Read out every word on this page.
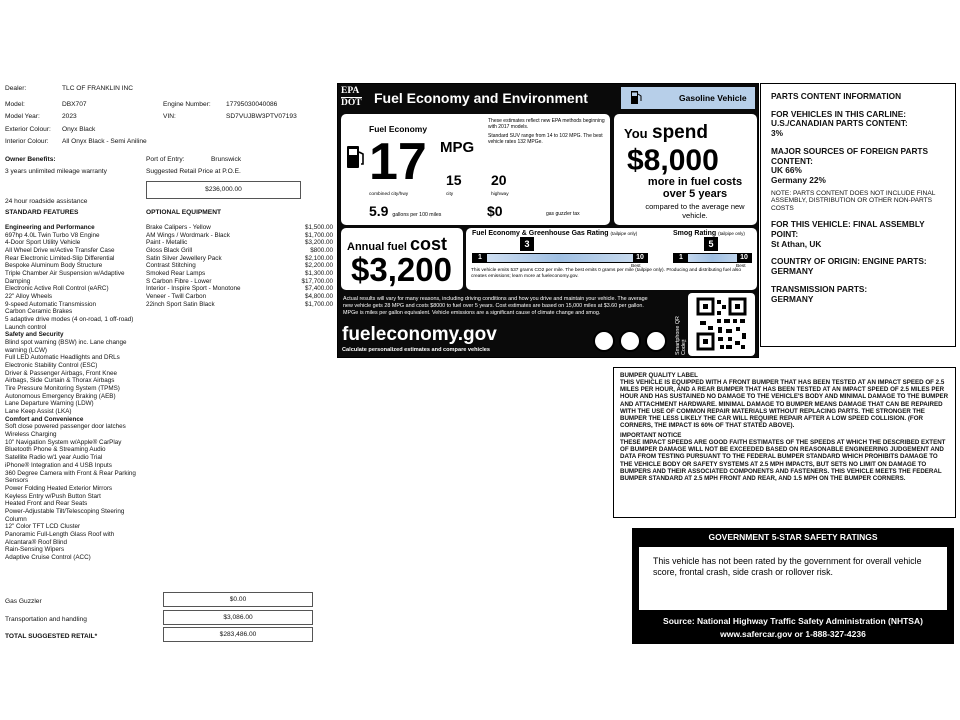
Dealer:	TLC OF FRANKLIN INC
Model:	DBX707	Engine Number: 17795030040086
Model Year:	2023	VIN:	SD7VUJBW3PTV07193
Exterior Colour: Onyx Black
Interior Colour: All Onyx Black - Semi Aniline
Owner Benefits:
3 years unlimited mileage warranty
Port of Entry:	Brunswick
Suggested Retail Price at P.O.E.
$236,000.00
24 hour roadside assistance
STANDARD FEATURES
Engineering and Performance
697hp 4.0L Twin Turbo V8 Engine
4-Door Sport Utility Vehicle
All Wheel Drive w/Active Transfer Case
Rear Electronic Limited-Slip Differential
Bespoke Aluminum Body Structure
Triple Chamber Air Suspension w/Adaptive
Damping
Electronic Active Roll Control (eARC)
22" Alloy Wheels
9-speed Automatic Transmission
Carbon Ceramic Brakes
5 adaptive drive modes (4 on-road, 1 off-road)
Launch control
Safety and Security
Blind spot warning (BSW) inc. Lane change
warning (LCW)
Full LED Automatic Headlights and DRLs
Electronic Stability Control (ESC)
Driver & Passenger Airbags, Front Knee
Airbags, Side Curtain & Thorax Airbags
Tire Pressure Monitoring System (TPMS)
Autonomous Emergency Braking (AEB)
Lane Departure Warning (LDW)
Lane Keep Assist (LKA)
Comfort and Convenience
Soft close powered passenger door latches
Wireless Charging
10" Navigation System w/Apple® CarPlay
Bluetooth Phone & Streaming Audio
Satellite Radio w/1 year Audio Trial
iPhone® Integration and 4 USB Inputs
360 Degree Camera with Front & Rear Parking
Sensors
Power Folding Heated Exterior Mirrors
Keyless Entry w/Push Button Start
Heated Front and Rear Seats
Power-Adjustable Tilt/Telescoping Steering
Column
12" Color TFT LCD Cluster
Panoramic Full-Length Glass Roof with
Alcantara® Roof Blind
Rain-Sensing Wipers
Adaptive Cruise Control (ACC)
OPTIONAL EQUIPMENT
Brake Calipers - Yellow	$1,500.00
AM Wings / Wordmark - Black	$1,700.00
Paint - Metallic	$3,200.00
Gloss Black Grill	$800.00
Satin Silver Jewellery Pack	$2,100.00
Contrast Stitching	$2,200.00
Smoked Rear Lamps	$1,300.00
S Carbon Fibre - Lower	$17,700.00
Interior - Inspire Sport - Monotone	$7,400.00
Veneer - Twill Carbon	$4,800.00
22inch Sport Satin Black	$1,700.00
Gas Guzzler	$0.00
Transportation and handling	$3,086.00
TOTAL SUGGESTED RETAIL*	$283,486.00
EPA
DOT Fuel Economy and Environment	Gasoline Vehicle
Fuel Economy
17 MPG
combined city/hwy
15
city
20
highway
5.9 gallons per 100 miles	$0	gas guzzler tax
These estimates reflect new EPA methods beginning with 2017 models.
Standard SUV range from 14 to 102 MPG. The best vehicle rates 132 MPGe.
You spend
$8,000
more in fuel costs over 5 years
compared to the average new vehicle.
Annual fuel cost
$3,200
Fuel Economy & Greenhouse Gas Rating (tailpipe only)	Smog Rating (tailpipe only)
1	10
3
Best
1	10
5
Best
This vehicle emits 537 grams CO2 per mile. The best emits 0 grams per mile (tailpipe only). Producing and distributing fuel also creates emissions; learn more at fueleconomy.gov.
Actual results will vary for many reasons, including driving conditions and how you drive and maintain your vehicle. The average new vehicle gets 28 MPG and costs $8000 to fuel over 5 years. Cost estimates are based on 15,000 miles at $3.60 per gallon. MPGe is miles per gallon equivalent. Vehicle emissions are a significant cause of climate change and smog.
fueleconomy.gov
Calculate personalized estimates and compare vehicles	Smartphone QR Code™
PARTS CONTENT INFORMATION
FOR VEHICLES IN THIS CARLINE: U.S./CANADIAN PARTS CONTENT:
3%
MAJOR SOURCES OF FOREIGN PARTS CONTENT:
UK 66%
Germany 22%
NOTE: PARTS CONTENT DOES NOT INCLUDE FINAL ASSEMBLY, DISTRIBUTION OR OTHER NON-PARTS COSTS
FOR THIS VEHICLE: FINAL ASSEMBLY POINT:
St Athan, UK
COUNTRY OF ORIGIN: ENGINE PARTS:
GERMANY
TRANSMISSION PARTS:
GERMANY
BUMPER QUALITY LABEL
THIS VEHICLE IS EQUIPPED WITH A FRONT BUMPER THAT HAS BEEN TESTED AT AN IMPACT SPEED OF 2.5 MILES PER HOUR, AND A REAR BUMPER THAT HAS BEEN TESTED AT AN IMPACT SPEED OF 2.5 MILES PER HOUR AND HAS SUSTAINED NO DAMAGE TO THE VEHICLE'S BODY AND MINIMAL DAMAGE TO THE BUMPER AND ATTACHMENT HARDWARE. MINIMAL DAMAGE TO BUMPER MEANS DAMAGE THAT CAN BE REPAIRED WITH THE USE OF COMMON REPAIR MATERIALS WITHOUT REPLACING PARTS. THE STRONGER THE BUMPER THE LESS LIKELY THE CAR WILL REQUIRE REPAIR AFTER A LOW SPEED COLLISION. (FOR CORNERS, THE IMPACT IS 60% OF THAT STATED ABOVE).
IMPORTANT NOTICE
THESE IMPACT SPEEDS ARE GOOD FAITH ESTIMATES OF THE SPEEDS AT WHICH THE DESCRIBED EXTENT OF BUMPER DAMAGE WILL NOT BE EXCEEDED BASED ON REASONABLE ENGINEERING JUDGEMENT AND DATA FROM TESTING PURSUANT TO THE FEDERAL BUMPER STANDARD WHICH PROHIBITS DAMAGE TO THE VEHICLE BODY OR SAFETY SYSTEMS AT 2.5 MPH IMPACTS, BUT SETS NO LIMIT ON DAMAGE TO BUMPERS AND THEIR ASSOCIATED COMPONENTS AND FASTENERS. THIS VEHICLE MEETS THE FEDERAL BUMPER STANDARD AT 2.5 MPH FRONT AND REAR, AND 1.5 MPH ON THE BUMPER CORNERS.
GOVERNMENT 5-STAR SAFETY RATINGS
This vehicle has not been rated by the government for overall vehicle score, frontal crash, side crash or rollover risk.
Source: National Highway Traffic Safety Administration (NHTSA)
www.safercar.gov or 1-888-327-4236
